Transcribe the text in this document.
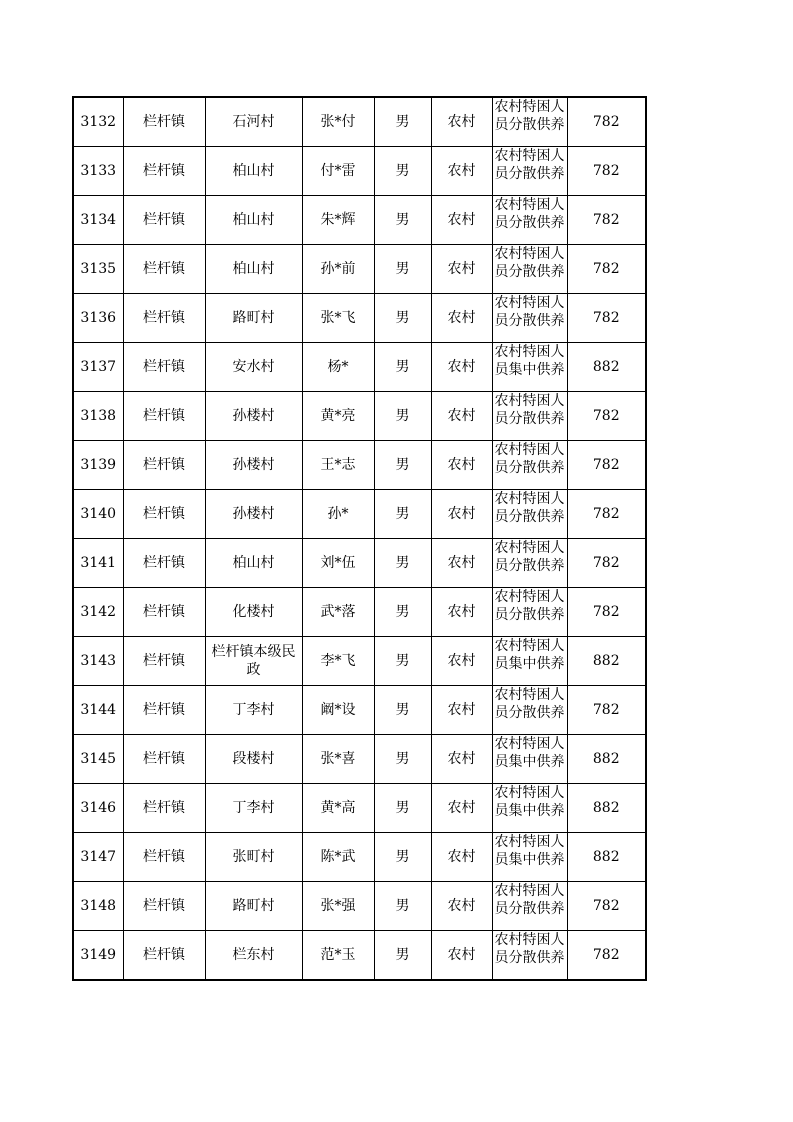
3132	栏杆镇	石河村	张*付	男	农村	农村特困人员分散供养	782
3133	栏杆镇	柏山村	付*雷	男	农村	农村特困人员分散供养	782
3134	栏杆镇	柏山村	朱*辉	男	农村	农村特困人员分散供养	782
3135	栏杆镇	柏山村	孙*前	男	农村	农村特困人员分散供养	782
3136	栏杆镇	路町村	张*飞	男	农村	农村特困人员分散供养	782
3137	栏杆镇	安水村	杨*	男	农村	农村特困人员集中供养	882
3138	栏杆镇	孙楼村	黄*亮	男	农村	农村特困人员分散供养	782
3139	栏杆镇	孙楼村	王*志	男	农村	农村特困人员分散供养	782
3140	栏杆镇	孙楼村	孙*	男	农村	农村特困人员分散供养	782
3141	栏杆镇	柏山村	刘*伍	男	农村	农村特困人员分散供养	782
3142	栏杆镇	化楼村	武*落	男	农村	农村特困人员分散供养	782
3143	栏杆镇	栏杆镇本级民政	李*飞	男	农村	农村特困人员集中供养	882
3144	栏杆镇	丁李村	阚*设	男	农村	农村特困人员分散供养	782
3145	栏杆镇	段楼村	张*喜	男	农村	农村特困人员集中供养	882
3146	栏杆镇	丁李村	黄*高	男	农村	农村特困人员集中供养	882
3147	栏杆镇	张町村	陈*武	男	农村	农村特困人员集中供养	882
3148	栏杆镇	路町村	张*强	男	农村	农村特困人员分散供养	782
3149	栏杆镇	栏东村	范*玉	男	农村	农村特困人员分散供养	782
